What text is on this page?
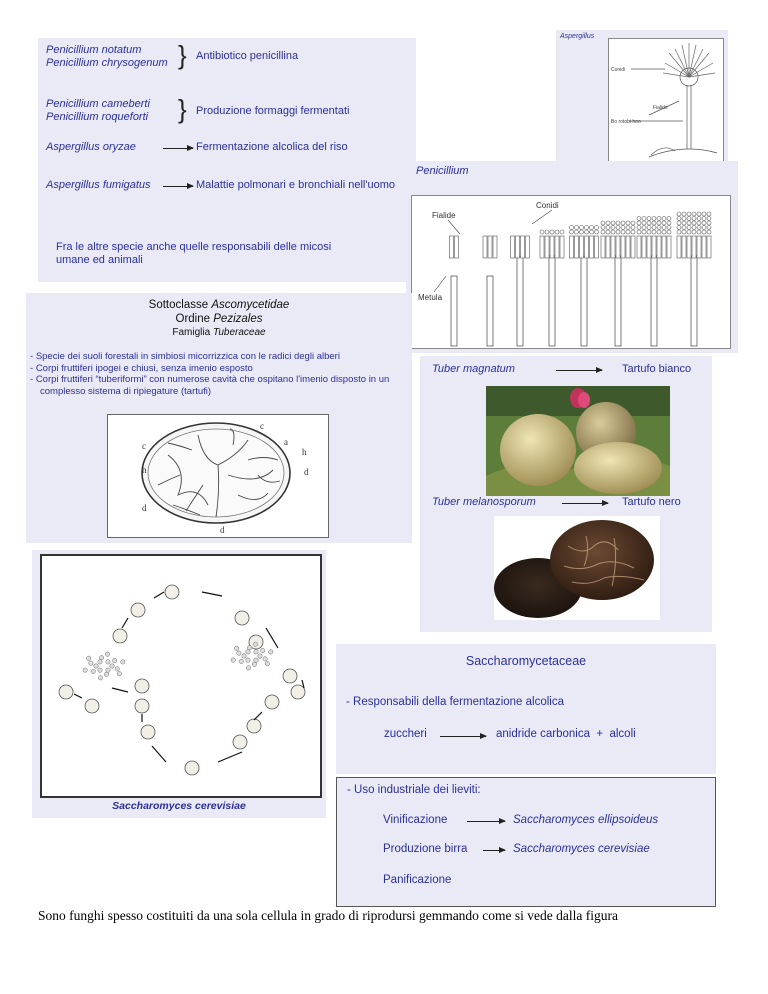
Penicillium notatum
Penicillium chrysogenum } Antibiotico penicillina
Penicillium cameberti
Penicillium roqueforti } Produzione formaggi fermentati
Aspergillus oryzae	Fermentazione alcolica del riso
Aspergillus fumigatus	Malattie polmonari e bronchiali nell'uomo
Fra le altre specie anche quelle responsabili delle micosi umane ed animali
Aspergillus
Conidi
Fialide
Bo rotobi hoo
Penicillium
Conidi
Fialide
Metula
Sottoclasse Ascomycetidae
Ordine Pezizales
Famiglia Tuberaceae
- Specie dei suoli forestali in simbiosi micorrizzica con le radici degli alberi
- Corpi fruttiferi ipogei e chiusi, senza imenio esposto
- Corpi fruttiferi “tuberiformi” con numerose cavità che ospitano l'imenio disposto in un complesso sistema di ripiegature (tartufi)
c	a
h
h
d
d
d
c
Tuber magnatum	Tartufo bianco
Tuber melanosporum	Tartufo nero
Saccharomyces cerevisiae
Saccharomycetaceae
- Responsabili della fermentazione alcolica
zuccheri	anidride carbonica  +  alcoli
- Uso industriale dei lieviti:
Vinificazione	Saccharomyces ellipsoideus
Produzione birra	Saccharomyces cerevisiae
Panificazione
Sono funghi spesso costituiti da una sola cellula in grado di riprodursi gemmando come si vede dalla figura
